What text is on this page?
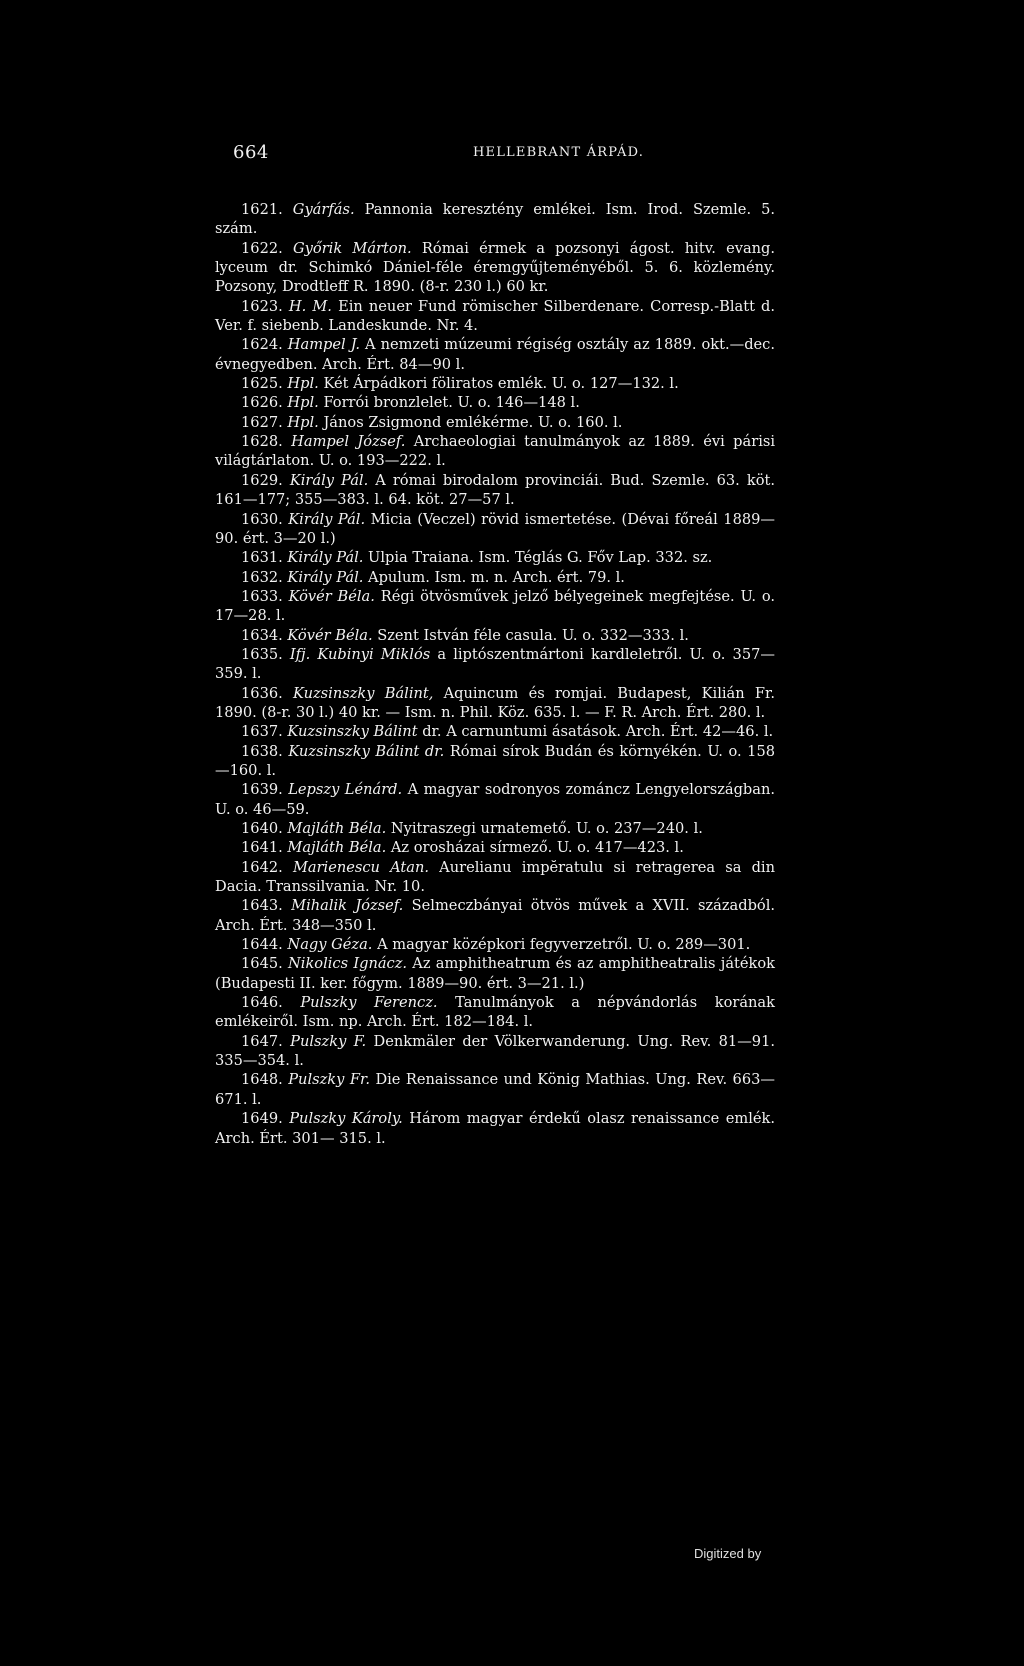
664	HELLEBRANT ÁRPÁD.
1621. Gyárfás. Pannonia keresztény emlékei. Ism. Irod. Szemle. 5. szám.
1622. Győrik Márton. Római érmek a pozsonyi ágost. hitv. evang. lyceum dr. Schimkó Dániel-féle éremgyűjteményéből. 5. 6. közlemény. Pozsony, Drodtleff R. 1890. (8-r. 230 l.) 60 kr.
1623. H. M. Ein neuer Fund römischer Silberdenare. Corresp.-Blatt d. Ver. f. siebenb. Landeskunde. Nr. 4.
1624. Hampel J. A nemzeti múzeumi régiség osztály az 1889. okt.—dec. évnegyedben. Arch. Ért. 84—90 l.
1625. Hpl. Két Árpádkori föliratos emlék. U. o. 127—132. l.
1626. Hpl. Forrói bronzlelet. U. o. 146—148 l.
1627. Hpl. János Zsigmond emlékérme. U. o. 160. l.
1628. Hampel József. Archaeologiai tanulmányok az 1889. évi párisi világtárlaton. U. o. 193—222. l.
1629. Király Pál. A római birodalom provinciái. Bud. Szemle. 63. köt. 161—177; 355—383. l. 64. köt. 27—57 l.
1630. Király Pál. Micia (Veczel) rövid ismertetése. (Dévai főreál 1889—90. ért. 3—20 l.)
1631. Király Pál. Ulpia Traiana. Ism. Téglás G. Főv Lap. 332. sz.
1632. Király Pál. Apulum. Ism. m. n. Arch. ért. 79. l.
1633. Kövér Béla. Régi ötvösművek jelző bélyegeinek megfejtése. U. o. 17—28. l.
1634. Kövér Béla. Szent István féle casula. U. o. 332—333. l.
1635. Ifj. Kubinyi Miklós a liptószentmártoni kardleletről. U. o. 357—359. l.
1636. Kuzsinszky Bálint, Aquincum és romjai. Budapest, Kilián Fr. 1890. (8-r. 30 l.) 40 kr. — Ism. n. Phil. Köz. 635. l. — F. R. Arch. Ért. 280. l.
1637. Kuzsinszky Bálint dr. A carnuntumi ásatások. Arch. Ért. 42—46. l.
1638. Kuzsinszky Bálint dr. Római sírok Budán és környékén. U. o. 158—160. l.
1639. Lepszy Lénárd. A magyar sodronyos zománcz Lengyelországban. U. o. 46—59.
1640. Majláth Béla. Nyitraszegi urnatemető. U. o. 237—240. l.
1641. Majláth Béla. Az orosházai sírmező. U. o. 417—423. l.
1642. Marienescu Atan. Aurelianu impĕratulu si retragerea sa din Dacia. Transsilvania. Nr. 10.
1643. Mihalik József. Selmeczbányai ötvös művek a XVII. századból. Arch. Ért. 348—350 l.
1644. Nagy Géza. A magyar középkori fegyverzetről. U. o. 289—301.
1645. Nikolics Ignácz. Az amphitheatrum és az amphitheatralis játékok (Budapesti II. ker. főgym. 1889—90. ért. 3—21. l.)
1646. Pulszky Ferencz. Tanulmányok a népvándorlás korának emlékeiről. Ism. np. Arch. Ért. 182—184. l.
1647. Pulszky F. Denkmäler der Völkerwanderung. Ung. Rev. 81—91. 335—354. l.
1648. Pulszky Fr. Die Renaissance und König Mathias. Ung. Rev. 663—671. l.
1649. Pulszky Károly. Három magyar érdekű olasz renaissance emlék. Arch. Ért. 301— 315. l.
Digitized by
